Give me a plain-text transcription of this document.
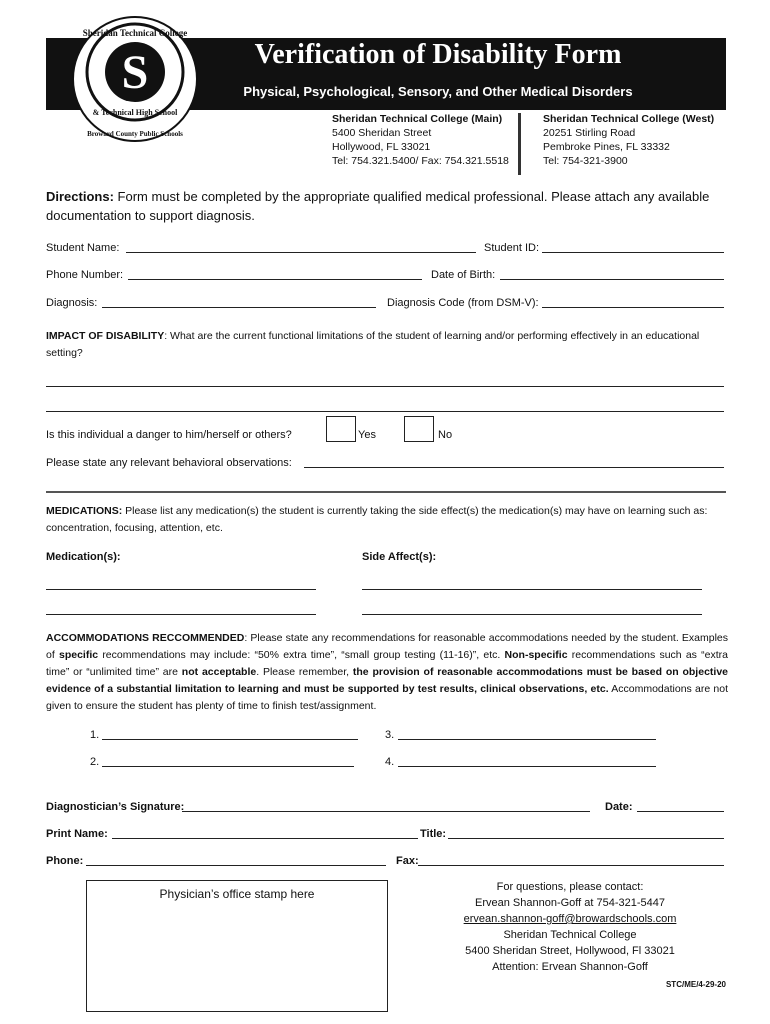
Verification of Disability Form
Physical, Psychological, Sensory, and Other Medical Disorders
S
Sheridan Technical College
& Technical High School
Broward County Public Schools
Sheridan Technical College (Main)
5400 Sheridan Street
Hollywood, FL 33021
Tel: 754.321.5400/ Fax: 754.321.5518
Sheridan Technical College (West)
20251 Stirling Road
Pembroke Pines, FL 33332
Tel: 754-321-3900
Directions: Form must be completed by the appropriate qualified medical professional. Please attach any available documentation to support diagnosis.
Student Name:	Student ID:
Phone Number:	Date of Birth:
Diagnosis:	Diagnosis Code (from DSM-V):
IMPACT OF DISABILITY: What are the current functional limitations of the student of learning and/or performing effectively in an educational setting?
Is this individual a danger to him/herself or others?	Yes	No
Please state any relevant behavioral observations:
MEDICATIONS: Please list any medication(s) the student is currently taking the side effect(s) the medication(s) may have on learning such as: concentration, focusing, attention, etc.
Medication(s):	Side Affect(s):
ACCOMMODATIONS RECCOMMENDED: Please state any recommendations for reasonable accommodations needed by the student. Examples of specific recommendations may include: “50% extra time”, “small group testing (11-16)”, etc. Non-specific recommendations such as “extra time” or “unlimited time” are not acceptable. Please remember, the provision of reasonable accommodations must be based on objective evidence of a substantial limitation to learning and must be supported by test results, clinical observations, etc. Accommodations are not given to ensure the student has plenty of time to finish test/assignment.
1.	3.
2.	4.
Diagnostician’s Signature:	Date:
Print Name:	Title:
Phone:	Fax:
Physician’s office stamp here	For questions, please contact:
Ervean Shannon-Goff at 754-321-5447
ervean.shannon-goff@browardschools.com
Sheridan Technical College
5400 Sheridan Street, Hollywood, Fl 33021
Attention: Ervean Shannon-Goff
STC/ME/4-29-20
